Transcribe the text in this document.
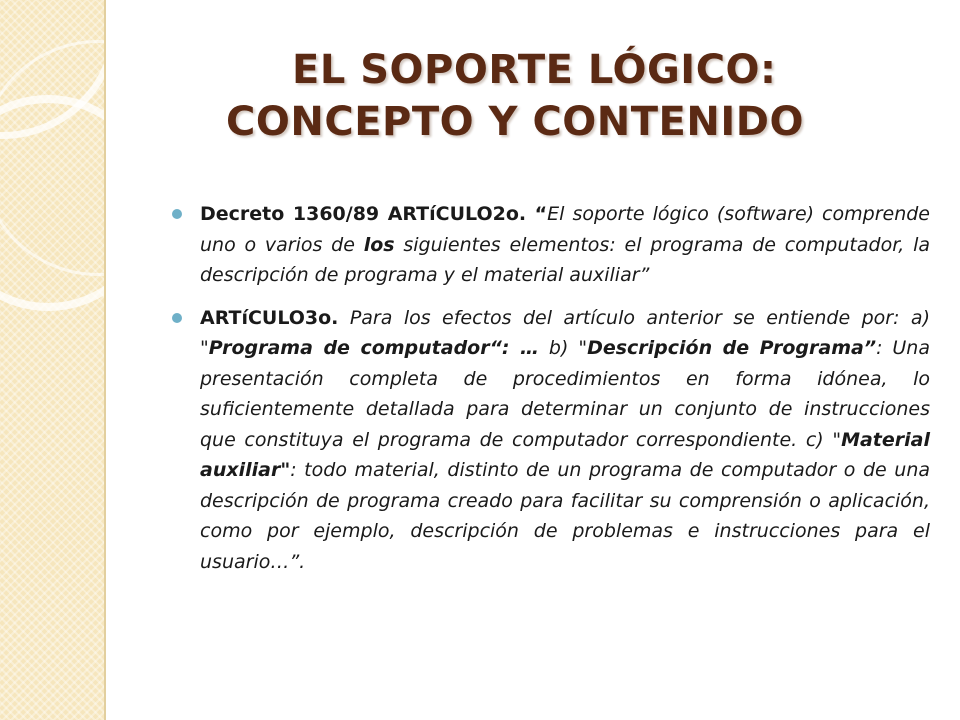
EL SOPORTE LÓGICO:
CONCEPTO Y CONTENIDO
Decreto 1360/89 ARTíCULO2o. “El soporte lógico (software) comprende uno o varios de los siguientes elementos: el programa de computador, la descripción de programa y el material auxiliar”
ARTíCULO3o. Para los efectos del artículo anterior se entiende por: a) "Programa de computador“: … b) "Descripción de Programa”: Una presentación completa de procedimientos en forma idónea, lo suficientemente detallada para determinar un conjunto de instrucciones que constituya el programa de computador correspondiente. c) "Material auxiliar": todo material, distinto de un programa de computador o de una descripción de programa creado para facilitar su comprensión o aplicación, como por ejemplo, descripción de problemas e instrucciones para el usuario…”.
